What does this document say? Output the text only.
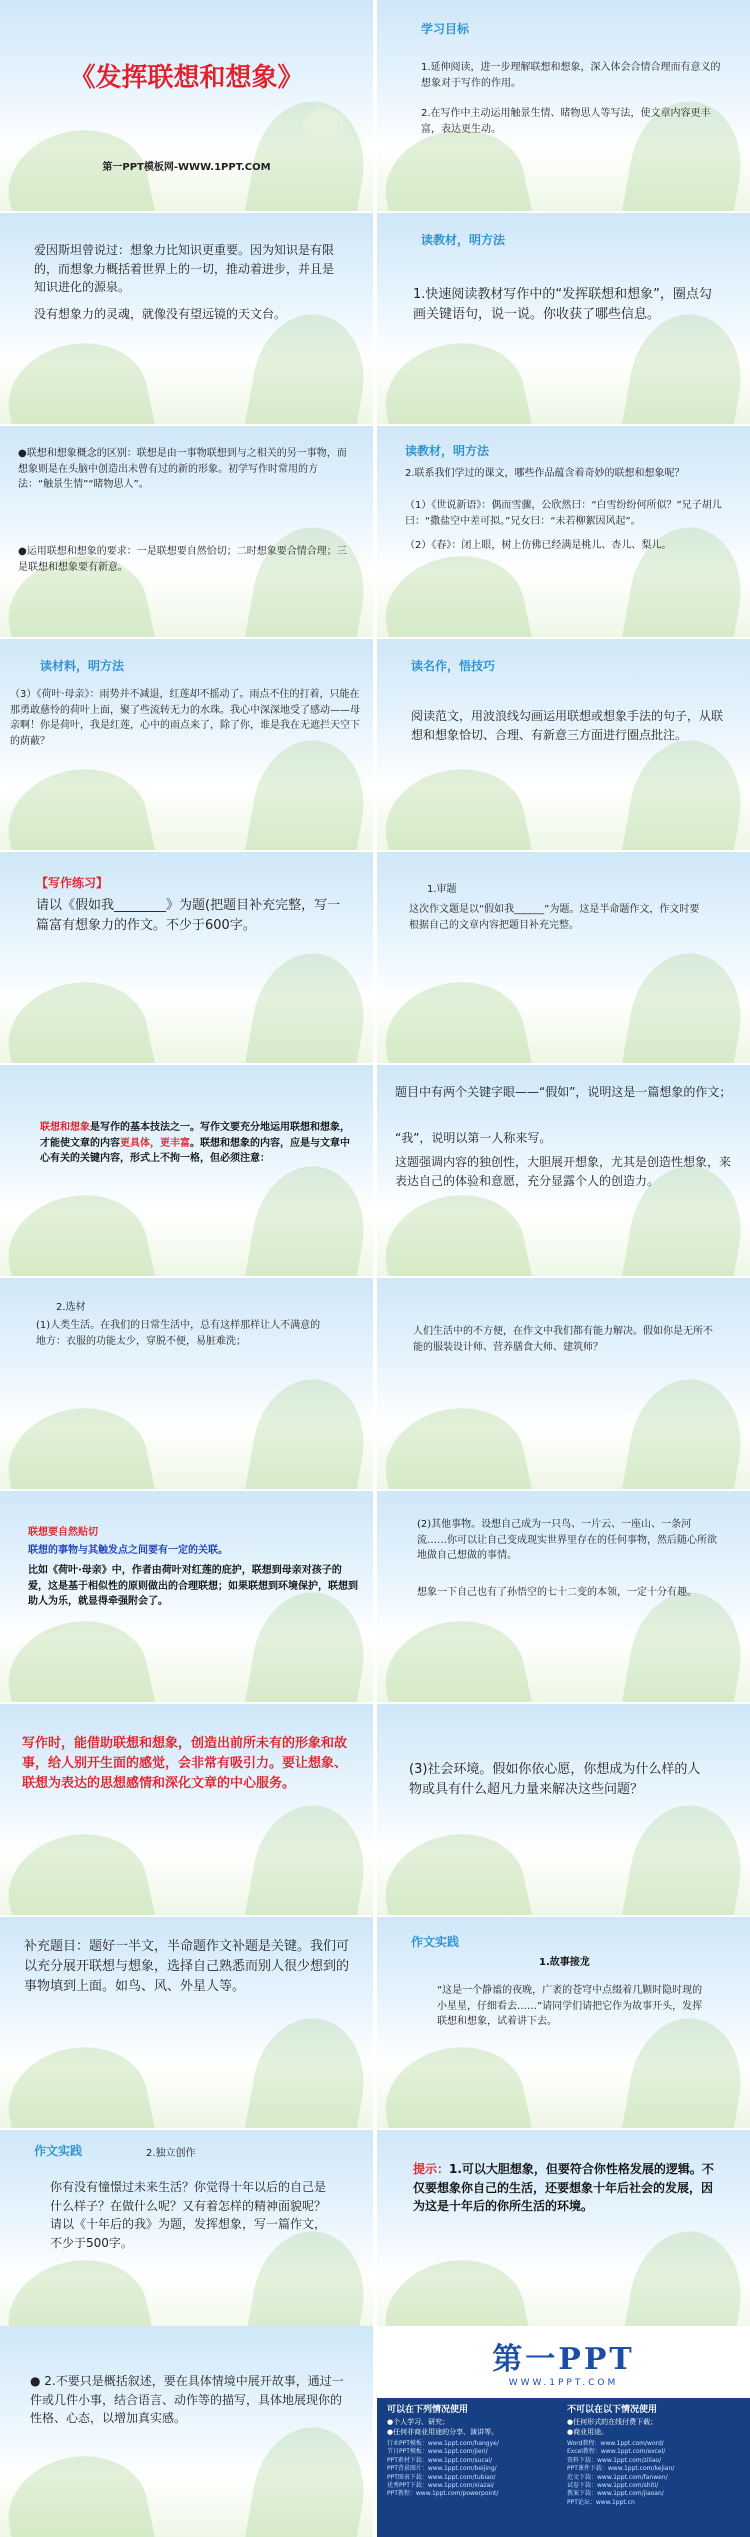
《发挥联想和想象》
第一PPT模板网-WWW.1PPT.COM
学习目标
1.延伸阅读，进一步理解联想和想象，深入体会合情合理而有意义的想象对于写作的作用。
2.在写作中主动运用触景生情、睹物思人等写法，使文章内容更丰富，表达更生动。
爱因斯坦曾说过：想象力比知识更重要。因为知识是有限的，而想象力概括着世界上的一切，推动着进步，并且是知识进化的源泉。
没有想象力的灵魂，就像没有望远镜的天文台。
读教材，明方法
1.快速阅读教材写作中的“发挥联想和想象”，圈点勾画关键语句，说一说。你收获了哪些信息。
●联想和想象概念的区别：联想是由一事物联想到与之相关的另一事物，而想象则是在头脑中创造出未曾有过的新的形象。初学写作时常用的方法：“触景生情”“睹物思人”。
●运用联想和想象的要求：一是联想要自然恰切；二时想象要合情合理；三是联想和想象要有新意。
读教材，明方法
2.联系我们学过的课文，哪些作品蕴含着奇妙的联想和想象呢？
（1）《世说新语》：偶而雪骤，公欣然曰：“白雪纷纷何所似？”兄子胡儿曰：“撒盐空中差可拟。”兄女曰：“未若柳絮因风起”。
（2）《春》：闭上眼，树上仿佛已经满是桃儿、杏儿、梨儿。
读材料，明方法
（3）《荷叶·母亲》：雨势并不减退，红莲却不摇动了。雨点不住的打着，只能在那勇敢慈怜的荷叶上面，聚了些流转无力的水珠。我心中深深地受了感动——母亲啊！你是荷叶，我是红莲，心中的雨点来了，除了你，谁是我在无遮拦天空下的荫蔽？
读名作，悟技巧
阅读范文，用波浪线勾画运用联想或想象手法的句子，从联想和想象恰切、合理、有新意三方面进行圈点批注。
【写作练习】
请以《假如我________》为题(把题目补充完整，写一篇富有想象力的作文。不少于600字。
1.审题
这次作文题是以“假如我______”为题。这是半命题作文，作文时要根据自己的文章内容把题目补充完整。
联想和想象是写作的基本技法之一。写作文要充分地运用联想和想象，才能使文章的内容更具体，更丰富。联想和想象的内容，应是与文章中心有关的关键内容，形式上不拘一格，但必须注意：
题目中有两个关键字眼——“假如”，说明这是一篇想象的作文；
“我”，说明以第一人称来写。
这题强调内容的独创性，大胆展开想象，尤其是创造性想象，来表达自己的体验和意愿，充分显露个人的创造力。
2.选材
(1)人类生活。在我们的日常生活中，总有这样那样让人不满意的地方：衣服的功能太少，穿脱不便，易脏难洗；
人们生活中的不方便，在作文中我们都有能力解决。假如你是无所不能的服装设计师、营养膳食大师、建筑师？
联想要自然贴切
联想的事物与其触发点之间要有一定的关联。
比如《荷叶·母亲》中，作者由荷叶对红莲的庇护，联想到母亲对孩子的爱，这是基于相似性的原则做出的合理联想；如果联想到环境保护，联想到助人为乐，就显得牵强附会了。
(2)其他事物。设想自己成为一只鸟、一片云、一座山、一条河流……你可以让自己变成现实世界里存在的任何事物，然后随心所欲地做自己想做的事情。
想象一下自己也有了孙悟空的七十二变的本领，一定十分有趣。
写作时，能借助联想和想象，创造出前所未有的形象和故事，给人别开生面的感觉，会非常有吸引力。要让想象、联想为表达的思想感情和深化文章的中心服务。
(3)社会环境。假如你依心愿，你想成为什么样的人物或具有什么超凡力量来解决这些问题？
补充题目：题好一半文，半命题作文补题是关键。我们可以充分展开联想与想象，选择自己熟悉而别人很少想到的事物填到上面。如鸟、风、外星人等。
作文实践
1.故事接龙
“这是一个静谧的夜晚，广袤的苍穹中点缀着几颗时隐时现的小星星，仔细看去……”请同学们请把它作为故事开头，发挥联想和想象，试着讲下去。
作文实践	2.独立创作
你有没有憧憬过未来生活？你觉得十年以后的自己是什么样子？在做什么呢？又有着怎样的精神面貌呢？请以《十年后的我》为题，发挥想象，写一篇作文，不少于500字。
提示：1.可以大胆想象，但要符合你性格发展的逻辑。不仅要想象你自己的生活，还要想象十年后社会的发展，因为这是十年后的你所生活的环境。
● 2.不要只是概括叙述，要在具体情境中展开故事，通过一件或几件小事，结合语言、动作等的描写，具体地展现你的性格、心态，以增加真实感。
第一PPT
WWW.1PPT.COM
可以在下列情况使用
●个人学习、研究；
●任何非商业用途的分享、演讲等。
行业PPT模板：www.1ppt.com/hangye/
节日PPT模板：www.1ppt.com/jieri/
PPT素材下载：www.1ppt.com/sucai/
PPT背景图片：www.1ppt.com/beijing/
PPT图表下载：www.1ppt.com/tubiao/
优秀PPT下载：www.1ppt.com/xiazai/
PPT教程：www.1ppt.com/powerpoint/
不可以在以下情况使用
●任何形式的在线付费下载；
●商业用途。
Word教程：www.1ppt.com/word/
Excel教程：www.1ppt.com/excel/
资料下载：www.1ppt.com/ziliao/
PPT课件下载：www.1ppt.com/kejian/
范文下载：www.1ppt.com/fanwen/
试卷下载：www.1ppt.com/shiti/
教案下载：www.1ppt.com/jiaoan/
PPT论坛：www.1ppt.cn
